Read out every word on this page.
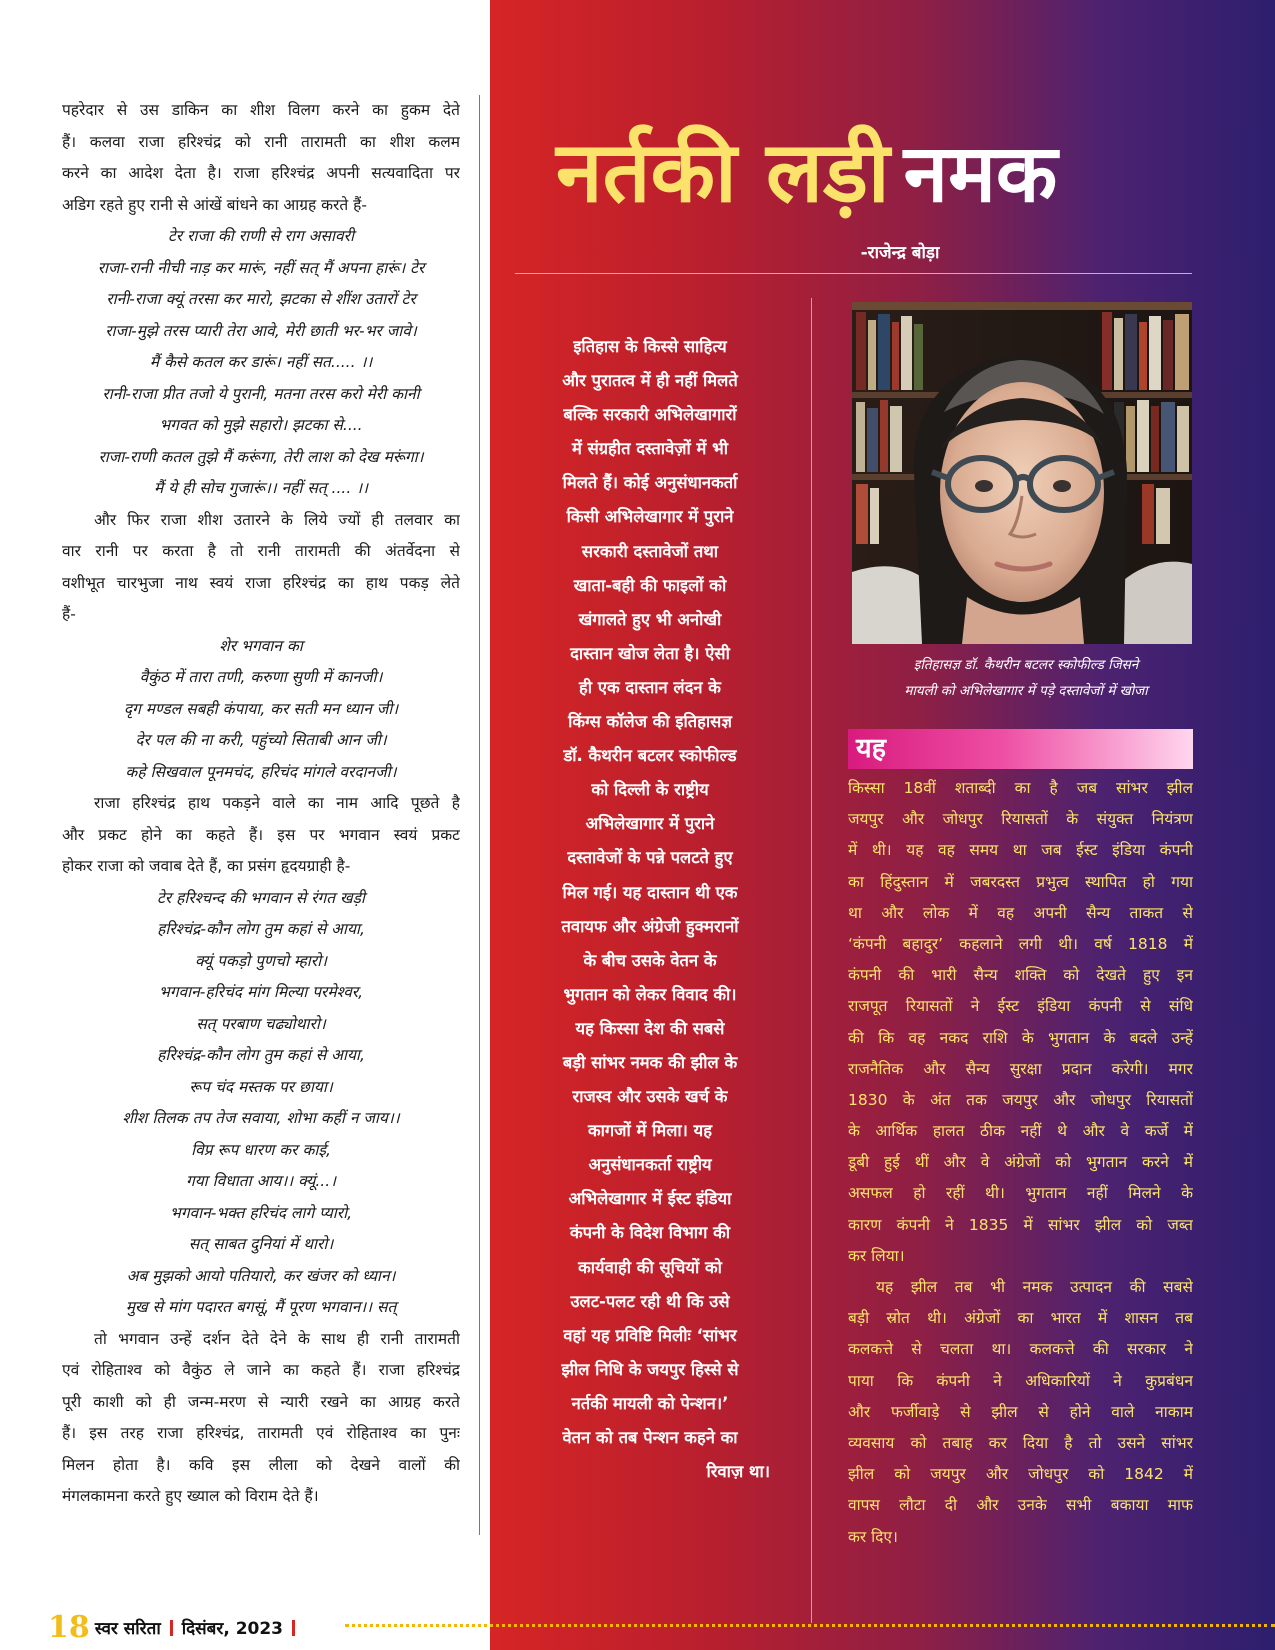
पहरेदार से उस डाकिन का शीश विलग करने का हुकम देते
हैं। कलवा राजा हरिश्चंद्र को रानी तारामती का शीश कलम
करने का आदेश देता है। राजा हरिश्चंद्र अपनी सत्यवादिता पर
अडिग रहते हुए रानी से आंखें बांधने का आग्रह करते हैं-
टेर राजा की राणी से राग असावरी
राजा-रानी नीची नाड़ कर मारूं, नहीं सत् मैं अपना हारूं। टेर
रानी-राजा क्यूं तरसा कर मारो, झटका से शींश उतारों टेर
राजा-मुझे तरस प्यारी तेरा आवे, मेरी छाती भर-भर जावे।
मैं कैसे कतल कर डारूं। नहीं सत..... ।।
रानी-राजा प्रीत तजो ये पुरानी, मतना तरस करो मेरी कानी
भगवत को मुझे सहारो। झटका से....
राजा-राणी कतल तुझे मैं करूंगा, तेरी लाश को देख मरूंगा।
मैं ये ही सोच गुजारूं।। नहीं सत् .... ।।
और फिर राजा शीश उतारने के लिये ज्यों ही तलवार का
वार रानी पर करता है तो रानी तारामती की अंतर्वेदना से
वशीभूत चारभुजा नाथ स्वयं राजा हरिश्चंद्र का हाथ पकड़ लेते
हैं-
शेर भगवान का
वैकुंठ में तारा तणी, करुणा सुणी में कानजी।
दृग मण्डल सबही कंपाया, कर सती मन ध्यान जी।
देर पल की ना करी, पहुंच्यो सिताबी आन जी।
कहे सिखवाल पूनमचंद, हरिचंद मांगले वरदानजी।
राजा हरिश्चंद्र हाथ पकड़ने वाले का नाम आदि पूछते है
और प्रकट होने का कहते हैं। इस पर भगवान स्वयं प्रकट
होकर राजा को जवाब देते हैं, का प्रसंग हृदयग्राही है-
टेर हरिश्चन्द की भगवान से रंगत खड़ी
हरिश्चंद्र-कौन लोग तुम कहां से आया,
क्यूं पकड़ो पुणचो म्हारो।
भगवान-हरिचंद मांग मिल्या परमेश्वर,
सत् परबाण चढ्योथारो।
हरिश्चंद्र-कौन लोग तुम कहां से आया,
रूप चंद मस्तक पर छाया।
शीश तिलक तप तेज सवाया, शोभा कहीं न जाय।।
विप्र रूप धारण कर काई,
गया विधाता आय।। क्यूं...।
भगवान-भक्त हरिचंद लागे प्यारो,
सत् साबत दुनियां में थारो।
अब मुझको आयो पतियारो, कर खंजर को ध्यान।
मुख से मांग पदारत बगसूं, मैं पूरण भगवान।। सत्
तो भगवान उन्हें दर्शन देते देने के साथ ही रानी तारामती
एवं रोहिताश्व को वैकुंठ ले जाने का कहते हैं। राजा हरिश्चंद्र
पूरी काशी को ही जन्म-मरण से न्यारी रखने का आग्रह करते
हैं। इस तरह राजा हरिश्चंद्र, तारामती एवं रोहिताश्व का पुनः
मिलन होता है। कवि इस लीला को देखने वालों की
मंगलकामना करते हुए ख्याल को विराम देते हैं।
नर्तकी लड़ी नमक
-राजेन्द्र बोड़ा
इतिहास के किस्से साहित्य
और पुरातत्व में ही नहीं मिलते
बल्कि सरकारी अभिलेखागारों
में संग्रहीत दस्तावेज़ों में भी
मिलते हैं। कोई अनुसंधानकर्ता
किसी अभिलेखागार में पुराने
सरकारी दस्तावेजों तथा
खाता-बही की फाइलों को
खंगालते हुए भी अनोखी
दास्तान खोज लेता है। ऐसी
ही एक दास्तान लंदन के
किंग्स कॉलेज की इतिहासज्ञ
डॉ. कैथरीन बटलर स्कोफील्ड
को दिल्ली के राष्ट्रीय
अभिलेखागार में पुराने
दस्तावेजों के पन्ने पलटते हुए
मिल गई। यह दास्तान थी एक
तवायफ और अंग्रेजी हुक्मरानों
के बीच उसके वेतन के
भुगतान को लेकर विवाद की।
यह किस्सा देश की सबसे
बड़ी सांभर नमक की झील के
राजस्व और उसके खर्च के
कागजों में मिला। यह
अनुसंधानकर्ता राष्ट्रीय
अभिलेखागार में ईस्ट इंडिया
कंपनी के विदेश विभाग की
कार्यवाही की सूचियों को
उलट-पलट रही थी कि उसे
वहां यह प्रविष्टि मिलीः ‘सांभर
झील निधि के जयपुर हिस्से से
नर्तकी मायली को पेन्शन।’
वेतन को तब पेन्शन कहने का
रिवाज़ था।
इतिहासज्ञ डॉ. कैथरीन बटलर स्कोफील्ड जिसने
मायली को अभिलेखागार में पड़े दस्तावेजों में खोजा
यह
किस्सा 18वीं शताब्दी का है जब सांभर झील
जयपुर और जोधपुर रियासतों के संयुक्त नियंत्रण
में थी। यह वह समय था जब ईस्ट इंडिया कंपनी
का हिंदुस्तान में जबरदस्त प्रभुत्व स्थापित हो गया
था और लोक में वह अपनी सैन्य ताकत से
‘कंपनी बहादुर’ कहलाने लगी थी। वर्ष 1818 में
कंपनी की भारी सैन्य शक्ति को देखते हुए इन
राजपूत रियासतों ने ईस्ट इंडिया कंपनी से संधि
की कि वह नकद राशि के भुगतान के बदले उन्हें
राजनैतिक और सैन्य सुरक्षा प्रदान करेगी। मगर
1830 के अंत तक जयपुर और जोधपुर रियासतों
के आर्थिक हालत ठीक नहीं थे और वे कर्जे में
डूबी हुई थीं और वे अंग्रेजों को भुगतान करने में
असफल हो रहीं थी। भुगतान नहीं मिलने के
कारण कंपनी ने 1835 में सांभर झील को जब्त
कर लिया।
यह झील तब भी नमक उत्पादन की सबसे
बड़ी स्रोत थी। अंग्रेजों का भारत में शासन तब
कलकत्ते से चलता था। कलकत्ते की सरकार ने
पाया कि कंपनी ने अधिकारियों ने कुप्रबंधन
और फर्जीवाड़े से झील से होने वाले नाकाम
व्यवसाय को तबाह कर दिया है तो उसने सांभर
झील को जयपुर और जोधपुर को 1842 में
वापस लौटा दी और उनके सभी बकाया माफ
कर दिए।
18 स्वर सरिता दिसंबर, 2023
